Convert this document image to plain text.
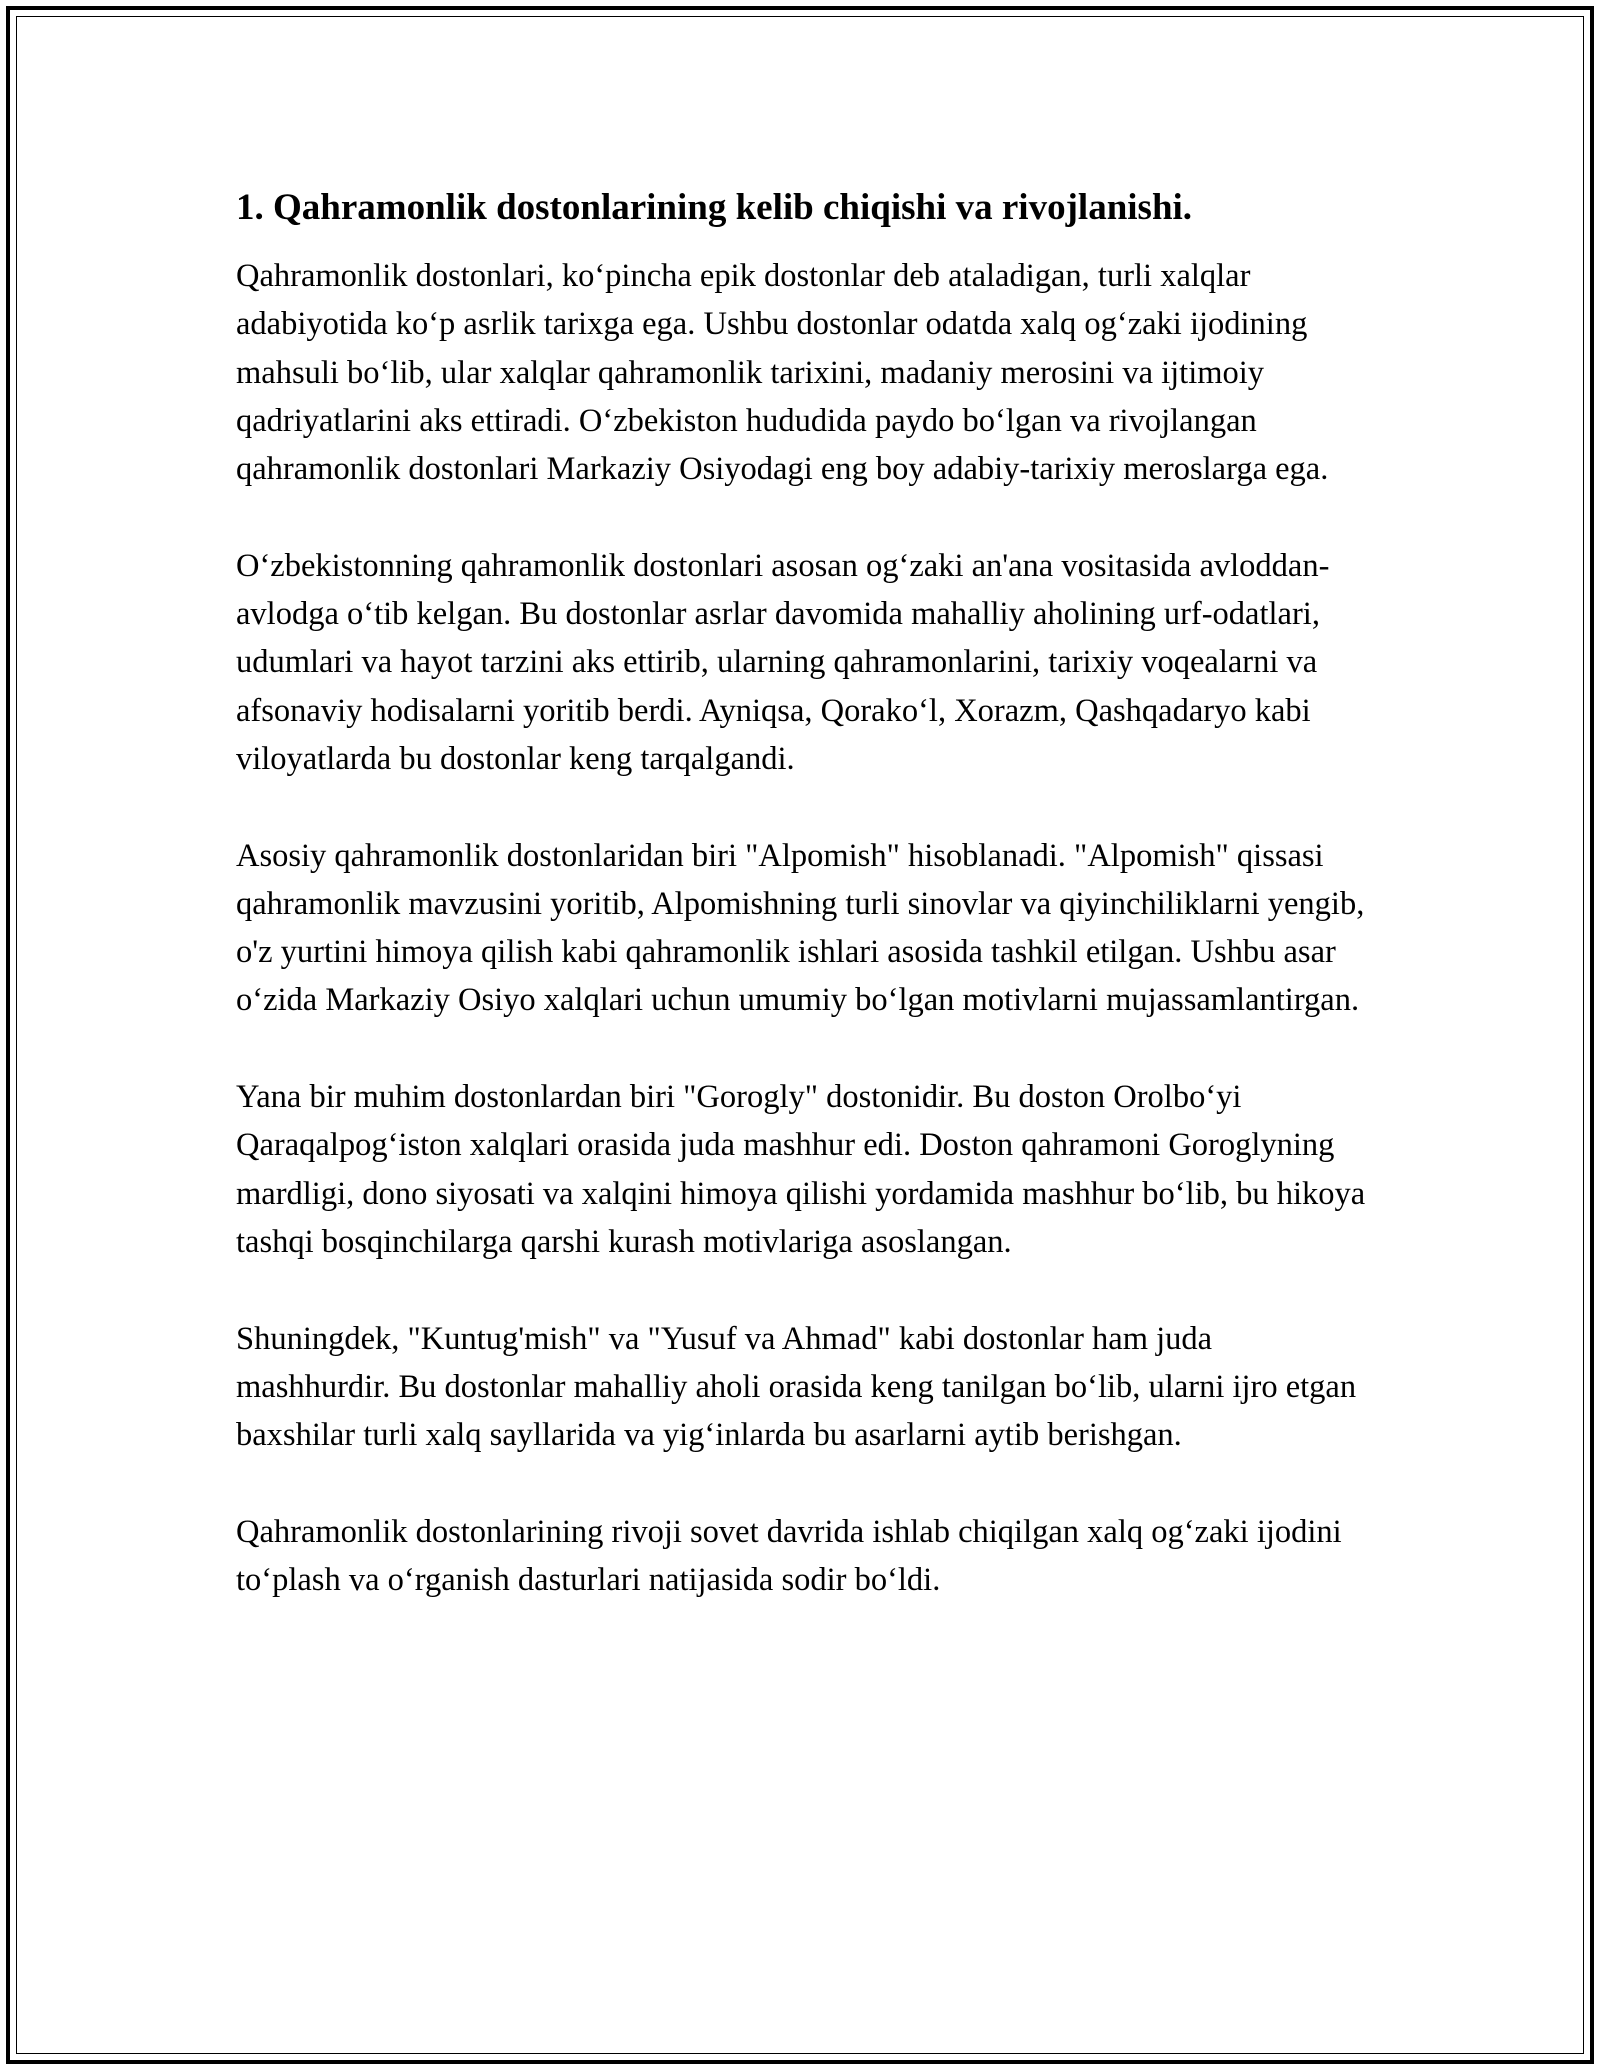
1. Qahramonlik dostonlarining kelib chiqishi va rivojlanishi.

Qahramonlik dostonlari, ko‘pincha epik dostonlar deb ataladigan, turli xalqlar adabiyotida ko‘p asrlik tarixga ega. Ushbu dostonlar odatda xalq og‘zaki ijodining mahsuli bo‘lib, ular xalqlar qahramonlik tarixini, madaniy merosini va ijtimoiy qadriyatlarini aks ettiradi. O‘zbekiston hududida paydo bo‘lgan va rivojlangan qahramonlik dostonlari Markaziy Osiyodagi eng boy adabiy-tarixiy meroslarga ega.

O‘zbekistonning qahramonlik dostonlari asosan og‘zaki an'ana vositasida avloddan-avlodga o‘tib kelgan. Bu dostonlar asrlar davomida mahalliy aholining urf-odatlari, udumlari va hayot tarzini aks ettirib, ularning qahramonlarini, tarixiy voqealarni va afsonaviy hodisalarni yoritib berdi. Ayniqsa, Qorako‘l, Xorazm, Qashqadaryo kabi viloyatlarda bu dostonlar keng tarqalgandi.

Asosiy qahramonlik dostonlaridan biri "Alpomish" hisoblanadi. "Alpomish" qissasi qahramonlik mavzusini yoritib, Alpomishning turli sinovlar va qiyinchiliklarni yengib, o'z yurtini himoya qilish kabi qahramonlik ishlari asosida tashkil etilgan. Ushbu asar o‘zida Markaziy Osiyo xalqlari uchun umumiy bo‘lgan motivlarni mujassamlantirgan.

Yana bir muhim dostonlardan biri "Gorogly" dostonidir. Bu doston Orolbo‘yi Qaraqalpog‘iston xalqlari orasida juda mashhur edi. Doston qahramoni Goroglyning mardligi, dono siyosati va xalqini himoya qilishi yordamida mashhur bo‘lib, bu hikoya tashqi bosqinchilarga qarshi kurash motivlariga asoslangan.

Shuningdek, "Kuntug'mish" va "Yusuf va Ahmad" kabi dostonlar ham juda mashhurdir. Bu dostonlar mahalliy aholi orasida keng tanilgan bo‘lib, ularni ijro etgan baxshilar turli xalq sayllarida va yig‘inlarda bu asarlarni aytib berishgan.

Qahramonlik dostonlarining rivoji sovet davrida ishlab chiqilgan xalq og‘zaki ijodini to‘plash va o‘rganish dasturlari natijasida sodir bo‘ldi.
